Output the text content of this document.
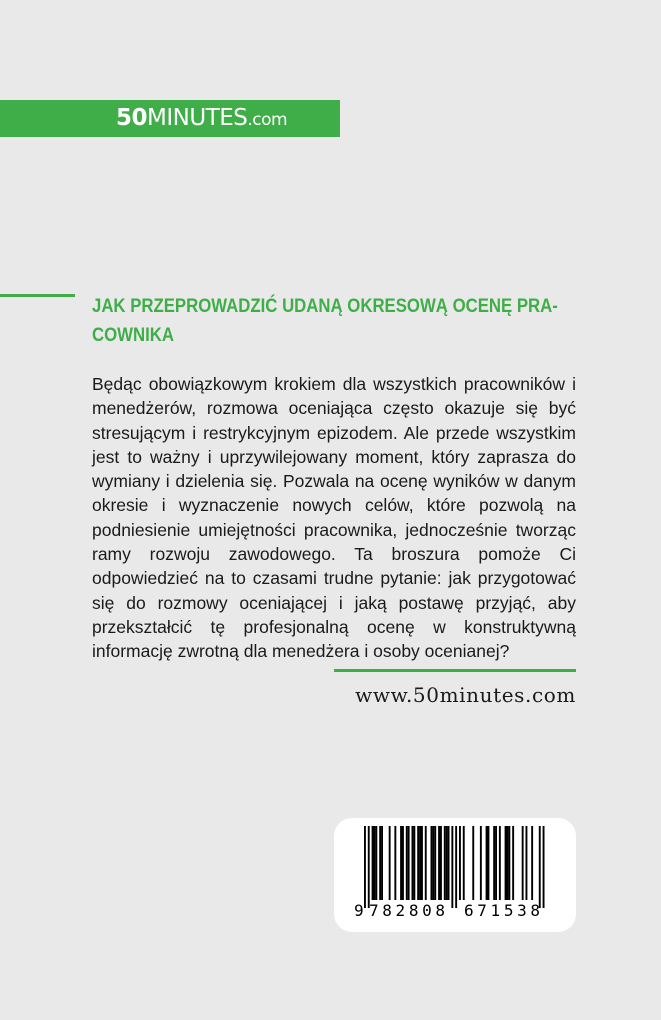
50MINUTES.com
JAK PRZEPROWADZIĆ UDANĄ OKRESOWĄ OCENĘ PRA-COWNIKA

Będąc obowiązkowym krokiem dla wszystkich pracowników i menedżerów, rozmowa oceniająca często okazuje się być stresującym i restrykcyjnym epizodem. Ale przede wszystkim jest to ważny i uprzywilejowany moment, który zaprasza do wymiany i dzielenia się. Pozwala na ocenę wyników w danym okresie i wyznaczenie nowych celów, które pozwolą na podniesienie umiejętności pracownika, jednocześnie tworząc ramy rozwoju zawodowego. Ta broszura pomoże Ci odpowiedzieć na to czasami trudne pytanie: jak przygotować się do rozmowy oceniającej i jaką postawę przyjąć, aby przekształcić tę profesjonalną ocenę w konstruktywną informację zwrotną dla menedżera i osoby ocenianej?

www.50minutes.com
9 782808 671538
